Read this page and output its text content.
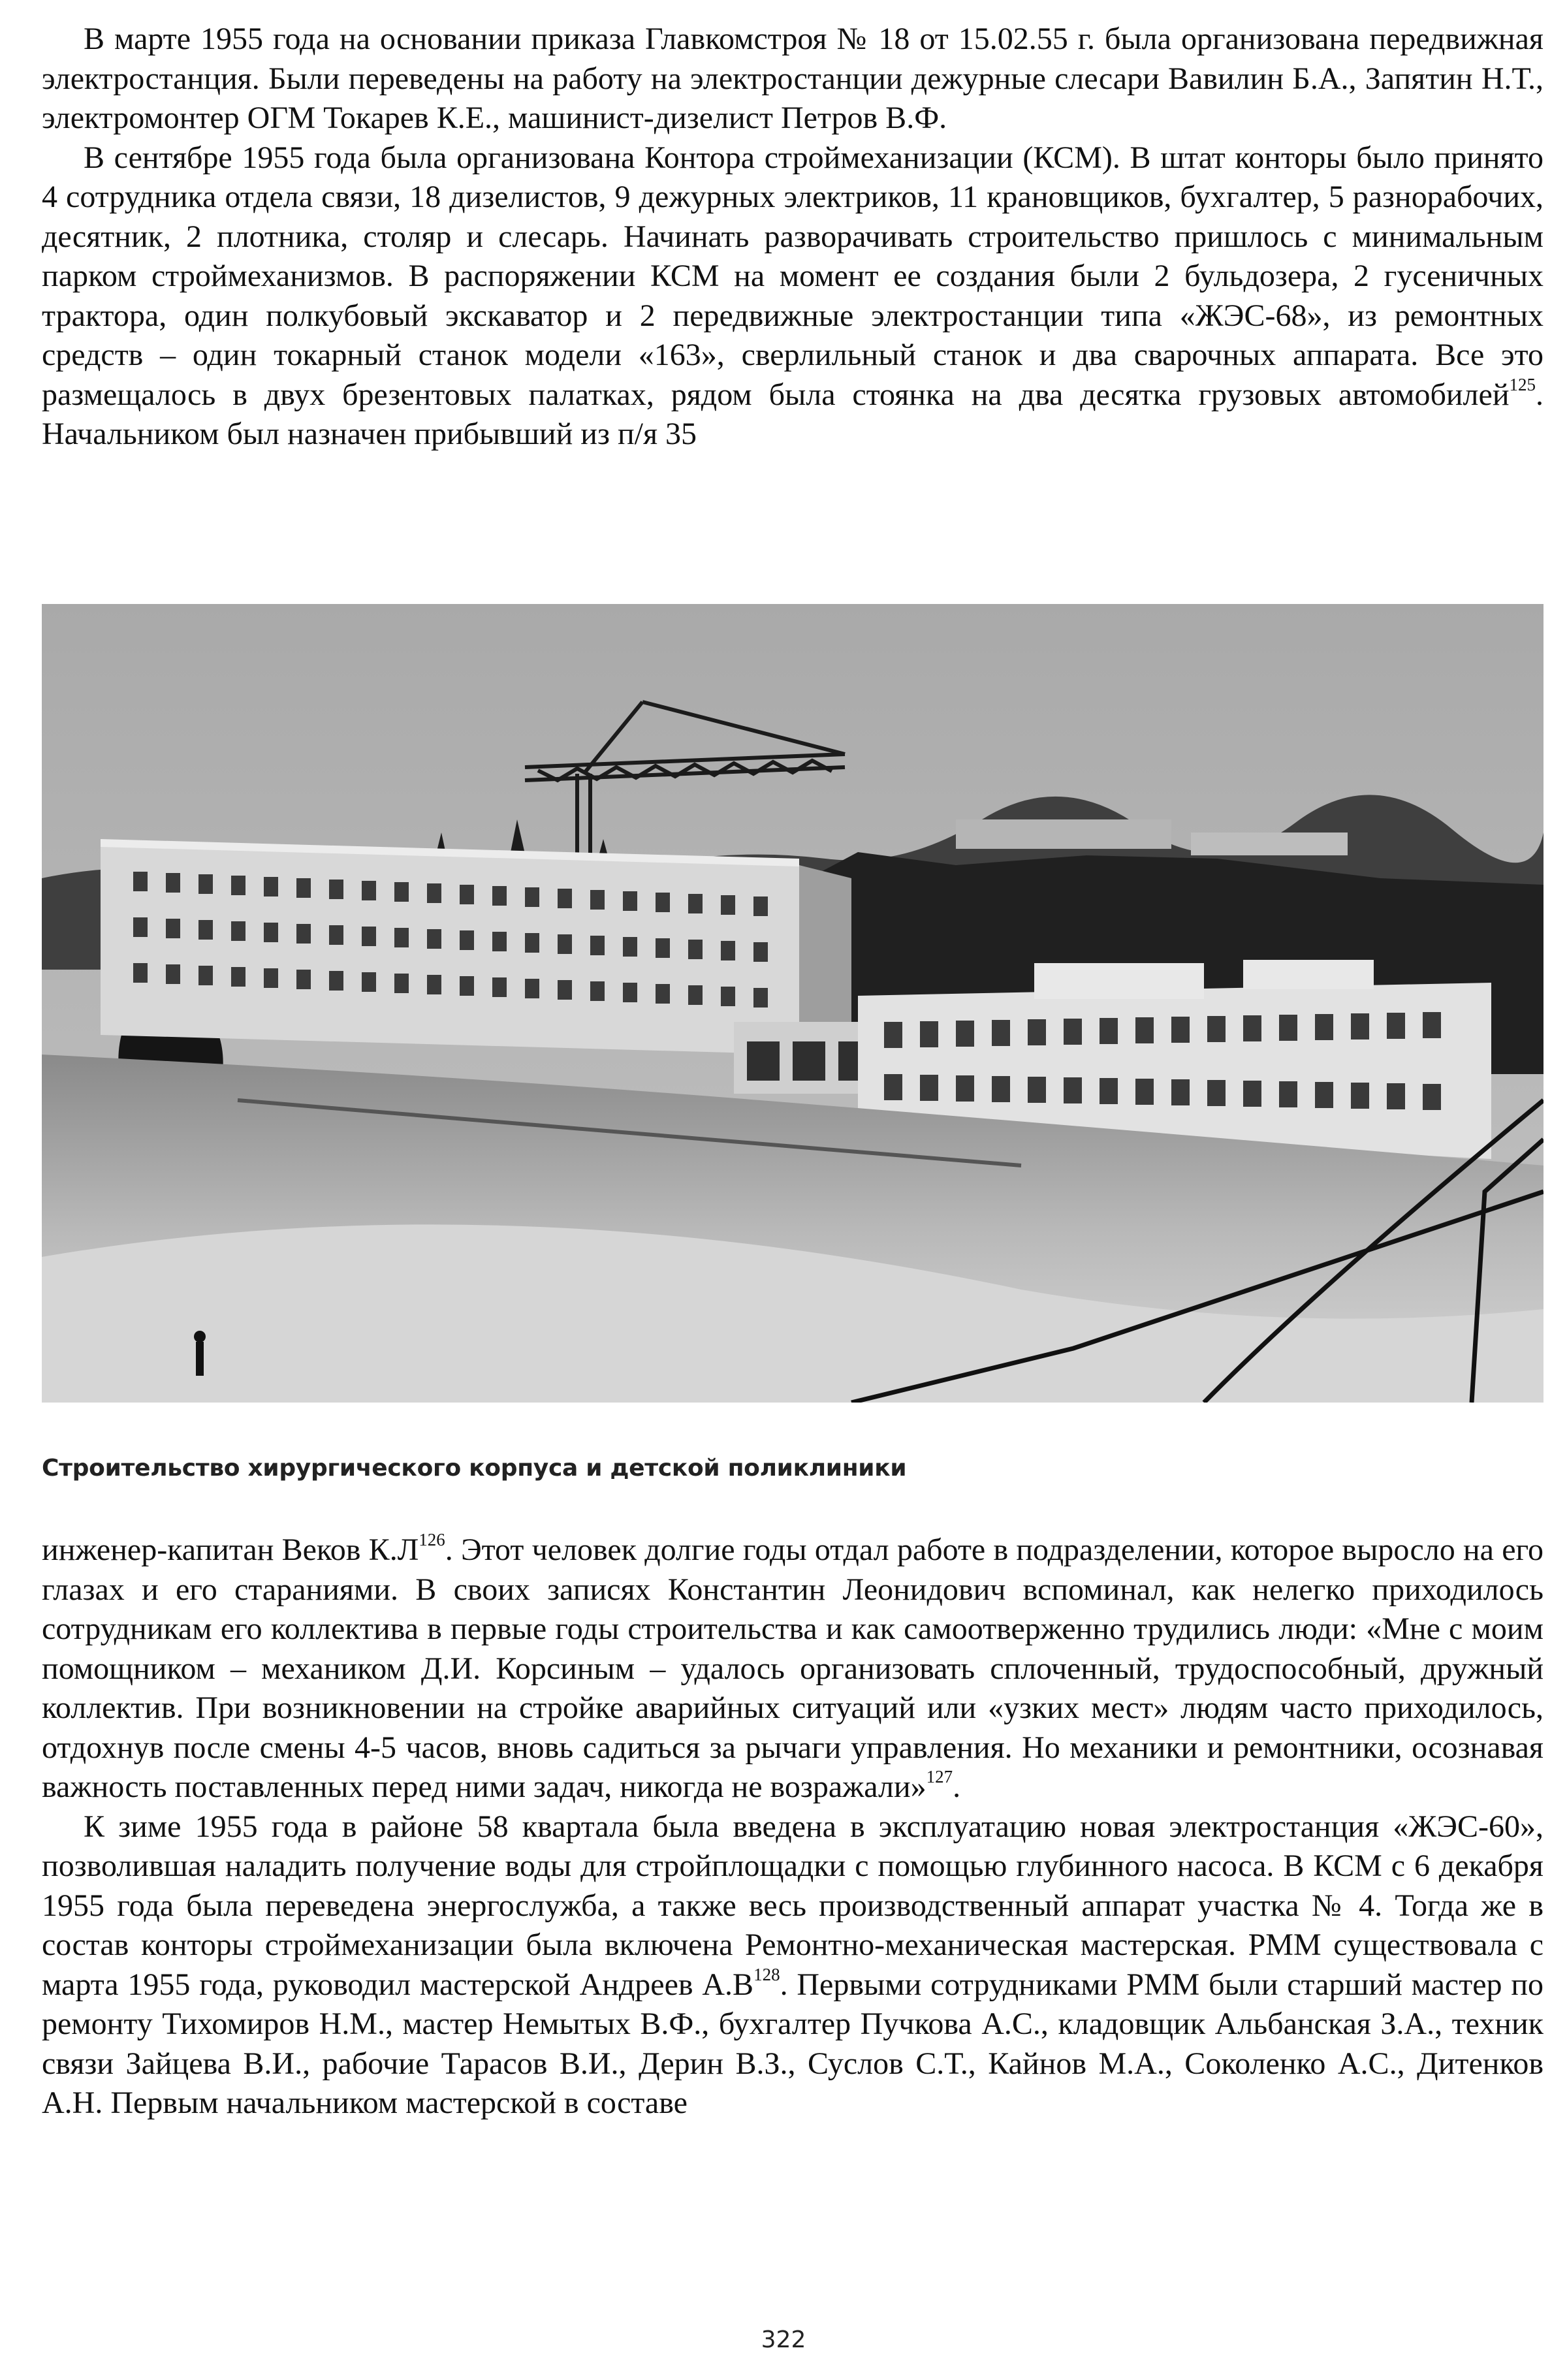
В марте 1955 года на основании приказа Главкомстроя № 18 от 15.02.55 г. была организована передвижная электростанция. Были переведены на работу на электростанции дежурные слесари Вавилин Б.А., Запятин Н.Т., электромонтер ОГМ Токарев К.Е., машинист-дизелист Петров В.Ф.

В сентябре 1955 года была организована Контора строймеханизации (КСМ). В штат конторы было принято 4 сотрудника отдела связи, 18 дизелистов, 9 дежурных электриков, 11 крановщиков, бухгалтер, 5 разнорабочих, десятник, 2 плотника, столяр и слесарь. Начинать разворачивать строительство пришлось с минимальным парком строймеханизмов. В распоряжении КСМ на момент ее создания были 2 бульдозера, 2 гусеничных трактора, один полкубовый экскаватор и 2 передвижные электростанции типа «ЖЭС-68», из ремонтных средств – один токарный станок модели «163», сверлильный станок и два сварочных аппарата. Все это размещалось в двух брезентовых палатках, рядом была стоянка на два десятка грузовых автомобилей$^{125}$. Начальником был назначен прибывший из п/я 35

Строительство хирургического корпуса и детской поликлиники

инженер-капитан Веков $К.Л^{126}$. Этот человек долгие годы отдал работе в подразделении, которое выросло на его глазах и его стараниями. В своих записях Константин Леонидович вспоминал, как нелегко приходилось сотрудникам его коллектива в первые годы строительства и как самоотверженно трудились люди: «Мне с моим помощником – механиком Д.И. Корсиным – удалось организовать сплоченный, трудоспособный, дружный коллектив. При возникновении на стройке аварийных ситуаций или «узких мест» людям часто приходилось, отдохнув после смены 4-5 часов, вновь садиться за рычаги управления. Но механики и ремонтники, осознавая важность поставленных перед ними задач, никогда не возражали»$^{127}$.

К зиме 1955 года в районе 58 квартала была введена в эксплуатацию новая электростанция «ЖЭС-60», позволившая наладить получение воды для стройплощадки с помощью глубинного насоса. В КСМ с 6 декабря 1955 года была переведена энергослужба, а также весь производственный аппарат участка № 4. Тогда же в состав конторы строймеханизации была включена Ремонтно-механическая мастерская. РММ существовала с марта 1955 года, руководил мастерской Андреев $А.В^{128}$. Первыми сотрудниками РММ были старший мастер по ремонту Тихомиров Н.М., мастер Немытых В.Ф., бухгалтер Пучкова А.С., кладовщик Альбанская З.А., техник связи Зайцева В.И., рабочие Тарасов В.И., Дерин В.З., Суслов С.Т., Кайнов М.А., Соколенко А.С., Дитенков А.Н. Первым начальником мастерской в составе

322
